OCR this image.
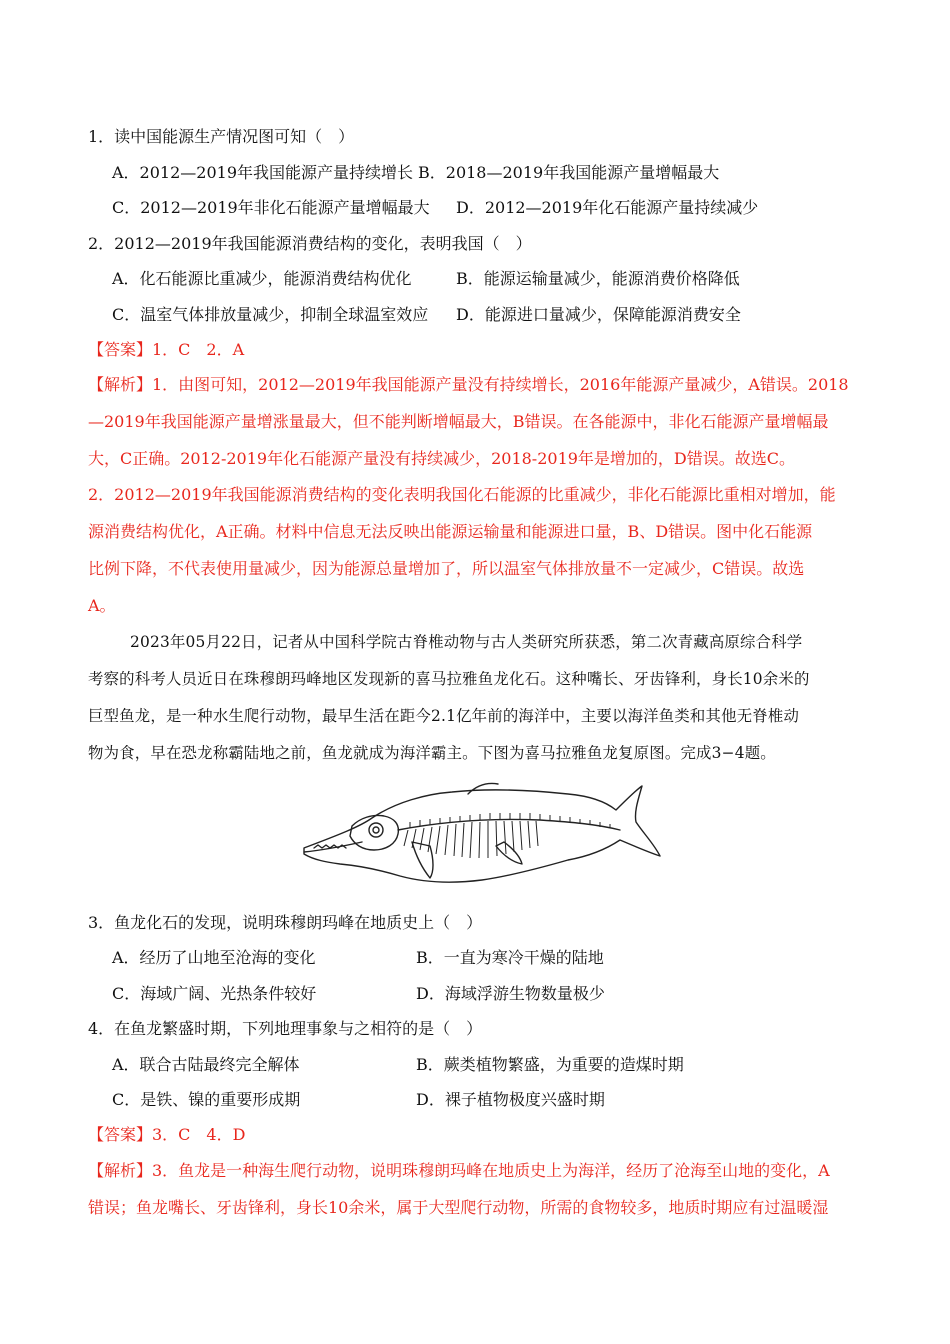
1．读中国能源生产情况图可知（　）
A．2012—2019年我国能源产量持续增长 B．2018—2019年我国能源产量增幅最大
C．2012—2019年非化石能源产量增幅最大 D．2012—2019年化石能源产量持续减少
2．2012—2019年我国能源消费结构的变化，表明我国（　）
A．化石能源比重减少，能源消费结构优化	B．能源运输量减少，能源消费价格降低
C．温室气体排放量减少，抑制全球温室效应 D．能源进口量减少，保障能源消费安全
【答案】1．C　2．A
【解析】1．由图可知，2012—2019年我国能源产量没有持续增长，2016年能源产量减少，A错误。2018
—2019年我国能源产量增涨量最大，但不能判断增幅最大，B错误。在各能源中，非化石能源产量增幅最
大，C正确。2012-2019年化石能源产量没有持续减少，2018-2019年是增加的，D错误。故选C。
2．2012—2019年我国能源消费结构的变化表明我国化石能源的比重减少，非化石能源比重相对增加，能
源消费结构优化，A正确。材料中信息无法反映出能源运输量和能源进口量，B、D错误。图中化石能源
比例下降，不代表使用量减少，因为能源总量增加了，所以温室气体排放量不一定减少，C错误。故选
A。
2023年05月22日，记者从中国科学院古脊椎动物与古人类研究所获悉，第二次青藏高原综合科学
考察的科考人员近日在珠穆朗玛峰地区发现新的喜马拉雅鱼龙化石。这种嘴长、牙齿锋利，身长10余米的
巨型鱼龙，是一种水生爬行动物，最早生活在距今2.1亿年前的海洋中，主要以海洋鱼类和其他无脊椎动
物为食，早在恐龙称霸陆地之前，鱼龙就成为海洋霸主。下图为喜马拉雅鱼龙复原图。完成3−4题。
3．鱼龙化石的发现，说明珠穆朗玛峰在地质史上（　）
A．经历了山地至沧海的变化	B．一直为寒冷干燥的陆地
C．海域广阔、光热条件较好	D．海域浮游生物数量极少
4．在鱼龙繁盛时期，下列地理事象与之相符的是（　）
A．联合古陆最终完全解体	B．蕨类植物繁盛，为重要的造煤时期
C．是铁、镍的重要形成期	D．裸子植物极度兴盛时期
【答案】3．C　4．D
【解析】3．鱼龙是一种海生爬行动物，说明珠穆朗玛峰在地质史上为海洋，经历了沧海至山地的变化，A
错误；鱼龙嘴长、牙齿锋利，身长10余米，属于大型爬行动物，所需的食物较多，地质时期应有过温暖湿
